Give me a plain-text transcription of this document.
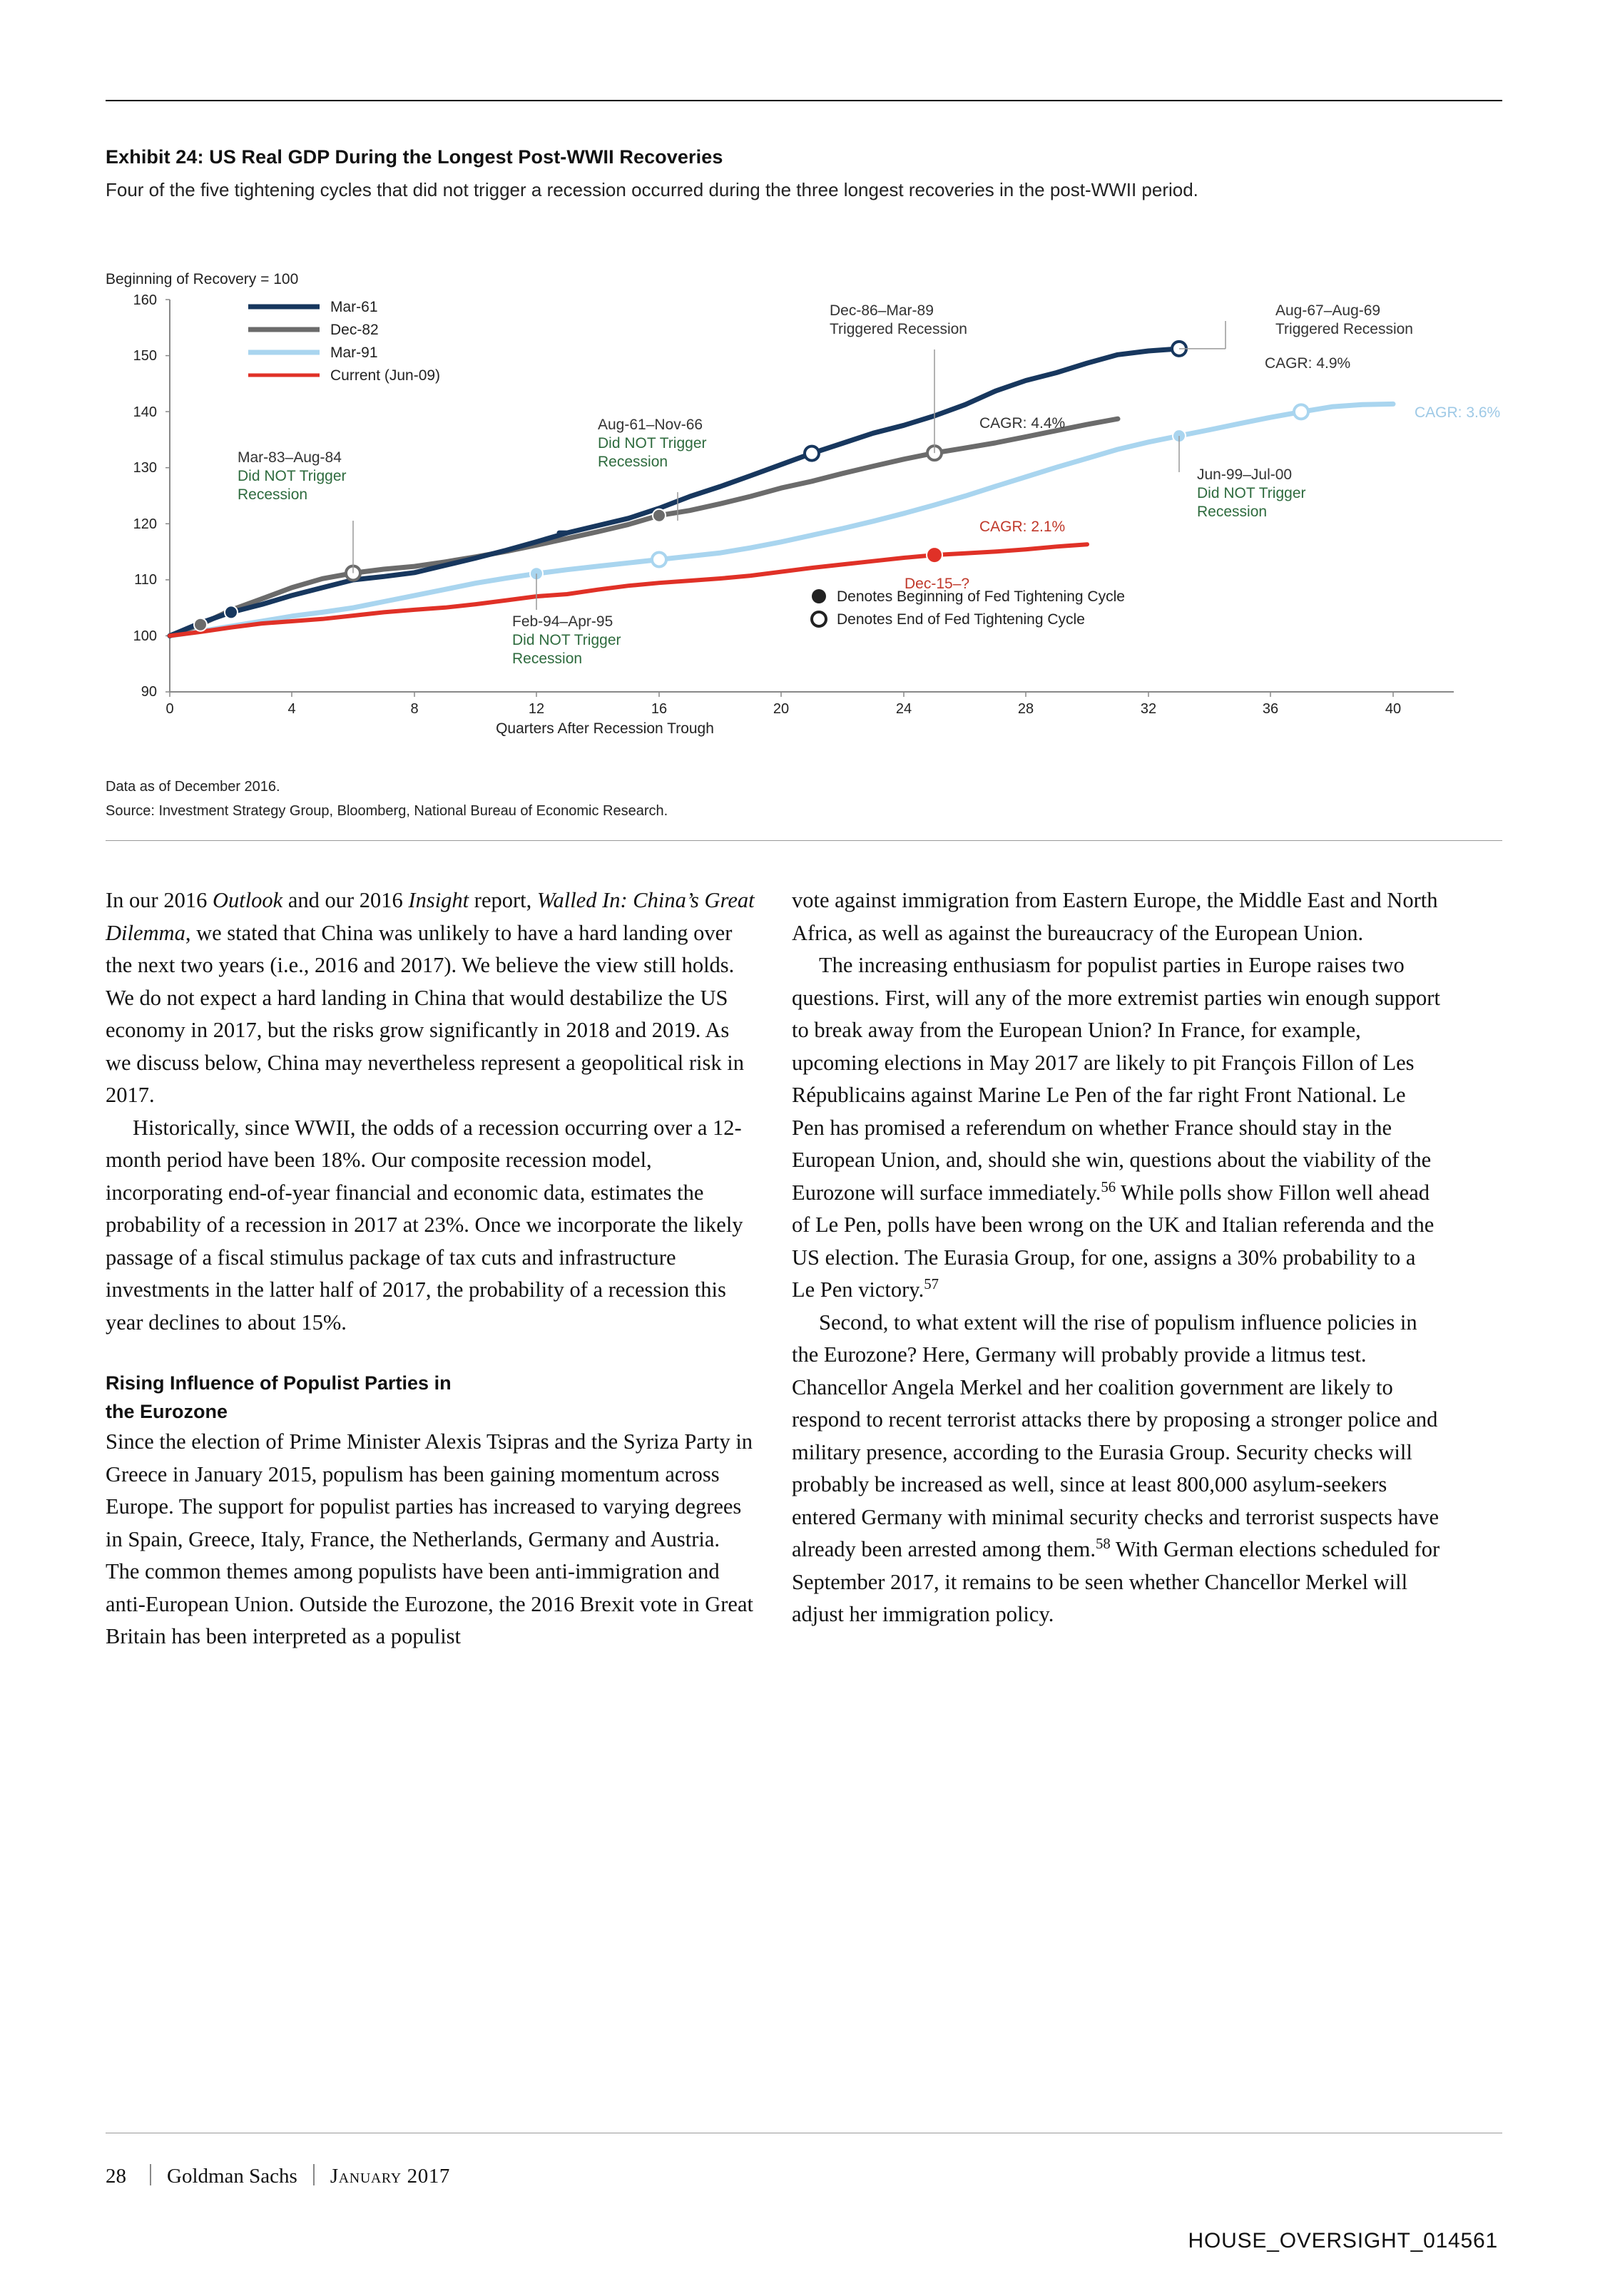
Exhibit 24: US Real GDP During the Longest Post-WWII Recoveries
Four of the five tightening cycles that did not trigger a recession occurred during the three longest recoveries in the post-WWII period.
Beginning of Recovery = 100
160
150
140
130
120
110
100
90
0	4	8	12	16	20	24	28	32	36	40
Quarters After Recession Trough
Mar-61
Dec-82
Mar-91
Current (Jun-09)
Denotes Beginning of Fed Tightening Cycle
Denotes End of Fed Tightening Cycle
Mar-83–Aug-84
Did NOT Trigger
Recession
Aug-61–Nov-66
Did NOT Trigger
Recession
Feb-94–Apr-95
Did NOT Trigger
Recession
Jun-99–Jul-00
Did NOT Trigger
Recession
Dec-86–Mar-89
Triggered Recession
Aug-67–Aug-69
Triggered Recession
CAGR: 4.9%
CAGR: 4.4%
CAGR: 3.6%
CAGR: 2.1%
Dec-15–?
Data as of December 2016.
Source: Investment Strategy Group, Bloomberg, National Bureau of Economic Research.

In our 2016 Outlook and our 2016 Insight report, Walled In: China’s Great Dilemma, we stated that China was unlikely to have a hard landing over the next two years (i.e., 2016 and 2017). We believe the view still holds. We do not expect a hard landing in China that would destabilize the US economy in 2017, but the risks grow significantly in 2018 and 2019. As we discuss below, China may nevertheless represent a geopolitical risk in 2017.

Historically, since WWII, the odds of a recession occurring over a 12-month period have been 18%. Our composite recession model, incorporating end-of-year financial and economic data, estimates the probability of a recession in 2017 at 23%. Once we incorporate the likely passage of a fiscal stimulus package of tax cuts and infrastructure investments in the latter half of 2017, the probability of a recession this year declines to about 15%.

Rising Influence of Populist Parties in
the Eurozone

Since the election of Prime Minister Alexis Tsipras and the Syriza Party in Greece in January 2015, populism has been gaining momentum across Europe. The support for populist parties has increased to varying degrees in Spain, Greece, Italy, France, the Netherlands, Germany and Austria. The common themes among populists have been anti-immigration and anti-European Union. Outside the Eurozone, the 2016 Brexit vote in Great Britain has been interpreted as a populist

vote against immigration from Eastern Europe, the Middle East and North Africa, as well as against the bureaucracy of the European Union.

The increasing enthusiasm for populist parties in Europe raises two questions. First, will any of the more extremist parties win enough support to break away from the European Union? In France, for example, upcoming elections in May 2017 are likely to pit François Fillon of Les Républicains against Marine Le Pen of the far right Front National. Le Pen has promised a referendum on whether France should stay in the European Union, and, should she win, questions about the viability of the Eurozone will surface immediately.$^{56}$ While polls show Fillon well ahead of Le Pen, polls have been wrong on the UK and Italian referenda and the US election. The Eurasia Group, for one, assigns a 30% probability to a Le Pen victory.$^{57}$

Second, to what extent will the rise of populism influence policies in the Eurozone? Here, Germany will probably provide a litmus test. Chancellor Angela Merkel and her coalition government are likely to respond to recent terrorist attacks there by proposing a stronger police and military presence, according to the Eurasia Group. Security checks will probably be increased as well, since at least 800,000 asylum-seekers entered Germany with minimal security checks and terrorist suspects have already been arrested among them.$^{58}$ With German elections scheduled for September 2017, it remains to be seen whether Chancellor Merkel will adjust her immigration policy.

28	Goldman Sachs January 2017
HOUSE_OVERSIGHT_014561
